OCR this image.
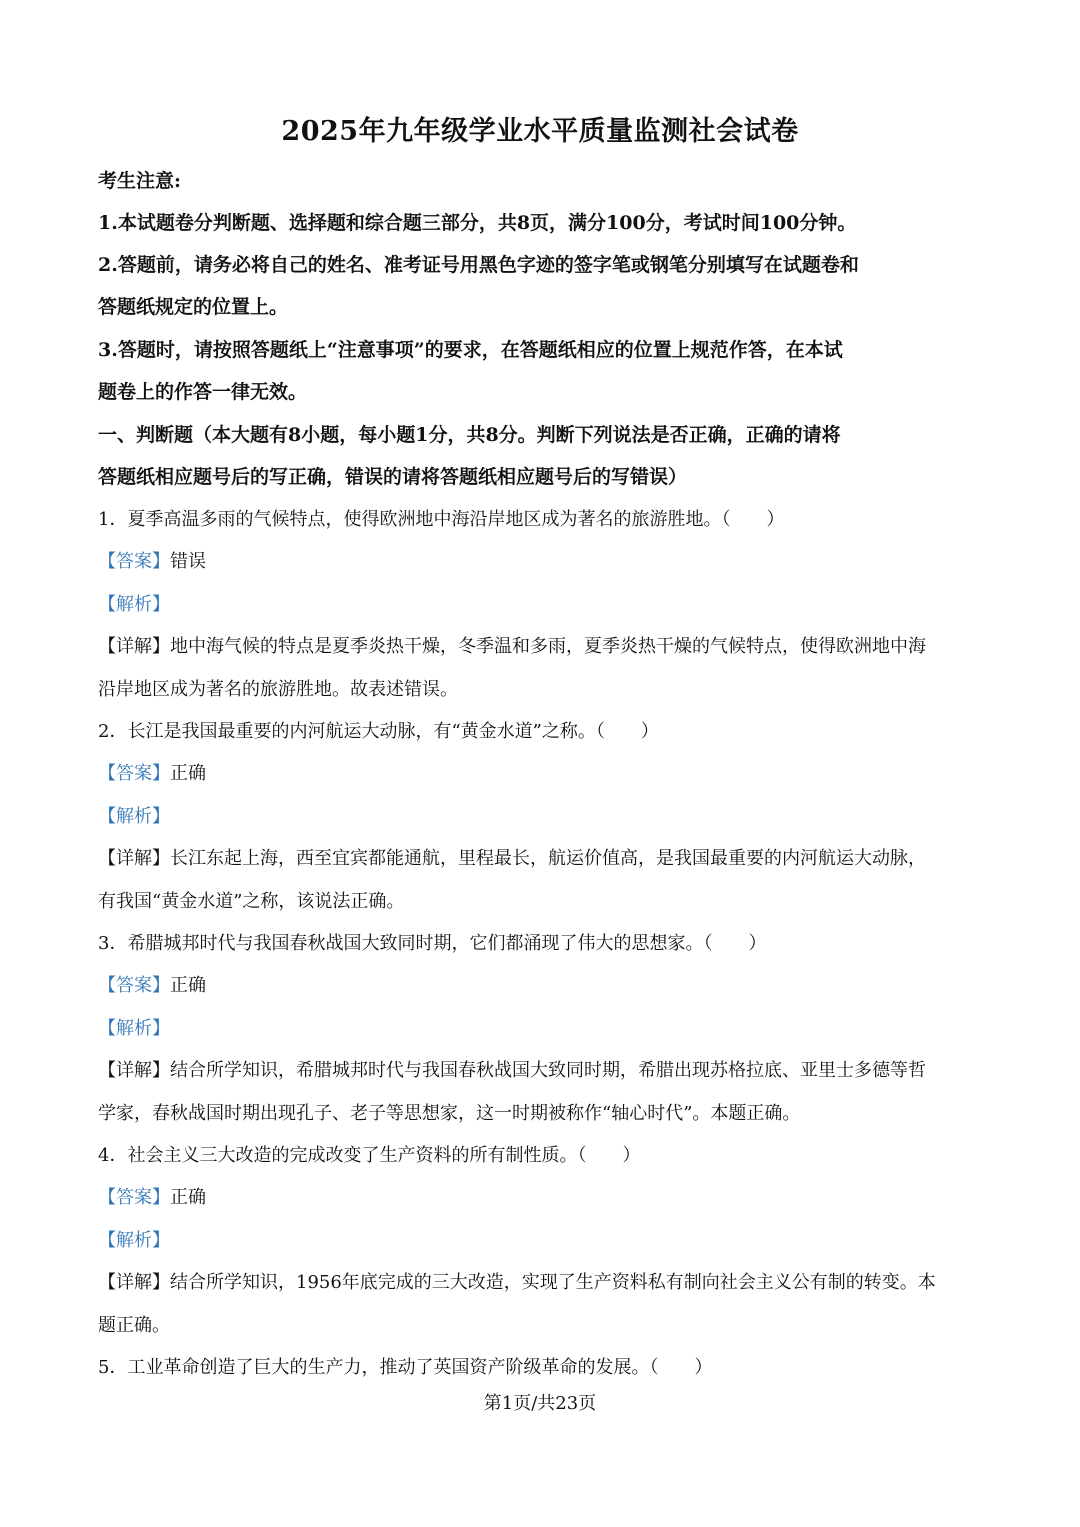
2025年九年级学业水平质量监测社会试卷
考生注意:
1.本试题卷分判断题、选择题和综合题三部分，共8页，满分100分，考试时间100分钟。
2.答题前，请务必将自己的姓名、准考证号用黑色字迹的签字笔或钢笔分别填写在试题卷和
答题纸规定的位置上。
3.答题时，请按照答题纸上“注意事项”的要求，在答题纸相应的位置上规范作答，在本试
题卷上的作答一律无效。
一、判断题（本大题有8小题，每小题1分，共8分。判断下列说法是否正确，正确的请将
答题纸相应题号后的写正确，错误的请将答题纸相应题号后的写错误）
1．夏季高温多雨的气候特点，使得欧洲地中海沿岸地区成为著名的旅游胜地。（　　）
【答案】错误
【解析】
【详解】地中海气候的特点是夏季炎热干燥，冬季温和多雨，夏季炎热干燥的气候特点，使得欧洲地中海
沿岸地区成为著名的旅游胜地。故表述错误。
2．长江是我国最重要的内河航运大动脉，有“黄金水道”之称。（　　）
【答案】正确
【解析】
【详解】长江东起上海，西至宜宾都能通航，里程最长，航运价值高，是我国最重要的内河航运大动脉，
有我国“黄金水道”之称，该说法正确。
3．希腊城邦时代与我国春秋战国大致同时期，它们都涌现了伟大的思想家。（　　）
【答案】正确
【解析】
【详解】结合所学知识，希腊城邦时代与我国春秋战国大致同时期，希腊出现苏格拉底、亚里士多德等哲
学家，春秋战国时期出现孔子、老子等思想家，这一时期被称作“轴心时代”。本题正确。
4．社会主义三大改造的完成改变了生产资料的所有制性质。（　　）
【答案】正确
【解析】
【详解】结合所学知识，1956年底完成的三大改造，实现了生产资料私有制向社会主义公有制的转变。本
题正确。
5．工业革命创造了巨大的生产力，推动了英国资产阶级革命的发展。（　　）
第1页/共23页
